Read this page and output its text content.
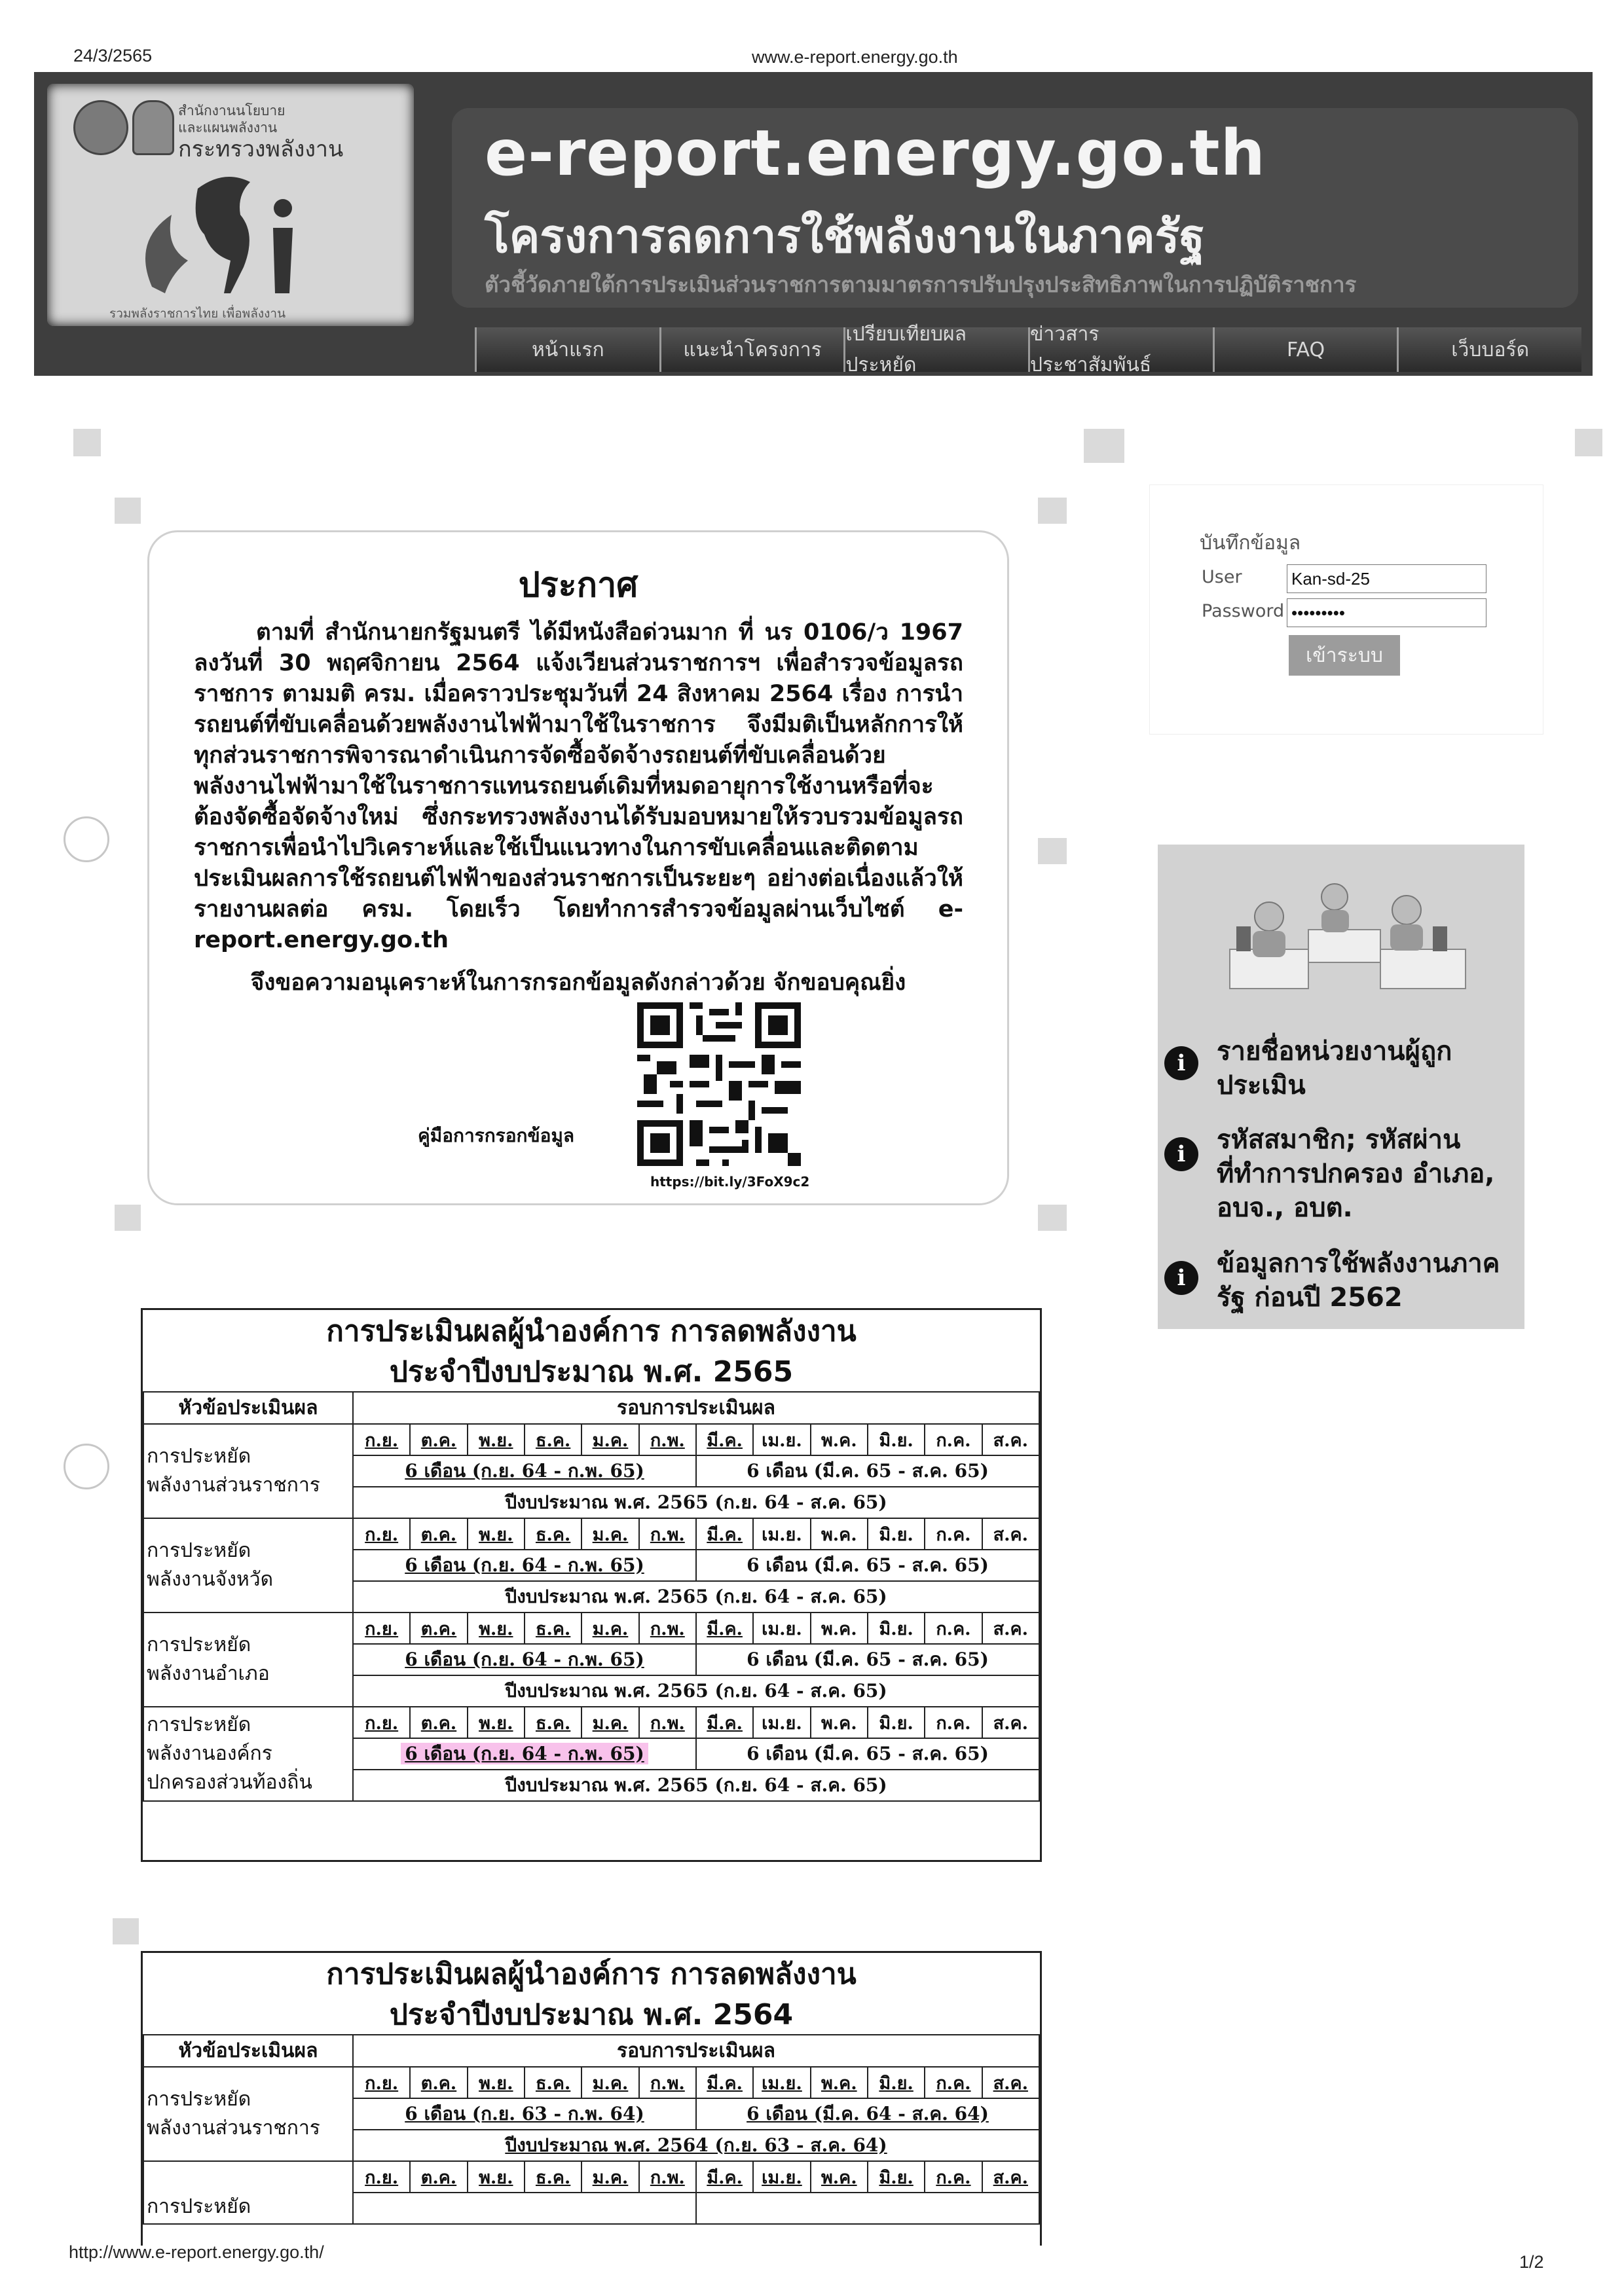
24/3/2565	www.e-report.energy.go.th
สำนักงานนโยบาย
และแผนพลังงาน
กระทรวงพลังงาน
รวมพลังราชการไทย เพื่อพลังงาน
e-report.energy.go.th
โครงการลดการใช้พลังงานในภาครัฐ
ตัวชี้วัดภายใต้การประเมินส่วนราชการตามมาตรการปรับปรุงประสิทธิภาพในการปฏิบัติราชการ
หน้าแรก	แนะนำโครงการ
เปรียบเทียบผลประหยัด
ข่าวสารประชาสัมพันธ์
FAQ	เว็บบอร์ด
ประกาศ
ตามที่ สำนักนายกรัฐมนตรี ได้มีหนังสือด่วนมาก ที่ นร 0106/ว 1967 ลงวันที่ 30 พฤศจิกายน 2564 แจ้งเวียนส่วนราชการฯ เพื่อสำรวจข้อมูลรถราชการ ตามมติ ครม. เมื่อคราวประชุมวันที่ 24 สิงหาคม 2564 เรื่อง การนำรถยนต์ที่ขับเคลื่อนด้วยพลังงานไฟฟ้ามาใช้ในราชการ จึงมีมติเป็นหลักการให้ทุกส่วนราชการพิจารณาดำเนินการจัดซื้อจัดจ้างรถยนต์ที่ขับเคลื่อนด้วยพลังงานไฟฟ้ามาใช้ในราชการแทนรถยนต์เดิมที่หมดอายุการใช้งานหรือที่จะต้องจัดซื้อจัดจ้างใหม่ ซึ่งกระทรวงพลังงานได้รับมอบหมายให้รวบรวมข้อมูลรถราชการเพื่อนำไปวิเคราะห์และใช้เป็นแนวทางในการขับเคลื่อนและติดตามประเมินผลการใช้รถยนต์ไฟฟ้าของส่วนราชการเป็นระยะๆ อย่างต่อเนื่องแล้วให้รายงานผลต่อ ครม. โดยเร็ว โดยทำการสำรวจข้อมูลผ่านเว็บไซต์ e-report.energy.go.th
จึงขอความอนุเคราะห์ในการกรอกข้อมูลดังกล่าวด้วย จักขอบคุณยิ่ง
คู่มือการกรอกข้อมูล
https://bit.ly/3FoX9c2
บันทึกข้อมูล
User	Kan-sd-25
Password •••••••••
เข้าระบบ
i	รายชื่อหน่วยงานผู้ถูกประเมิน
i	รหัสสมาชิก; รหัสผ่านที่ทำการปกครอง อำเภอ, อบจ., อบต.
i	ข้อมูลการใช้พลังงานภาครัฐ ก่อนปี 2562
การประเมินผลผู้นำองค์การ การลดพลังงาน
ประจำปีงบประมาณ พ.ศ. 2565
หัวข้อประเมินผล	รอบการประเมินผล											
การประหยัด
พลังงานส่วนราชการ	ก.ย.	ต.ค.	พ.ย.	ธ.ค.	ม.ค.	ก.พ.	มี.ค.	เม.ย.	พ.ค.	มิ.ย.	ก.ค.	ส.ค.
	6 เดือน (ก.ย. 64 - ก.พ. 65)						6 เดือน (มี.ค. 65 - ส.ค. 65)					
	ปีงบประมาณ พ.ศ. 2565 (ก.ย. 64 - ส.ค. 65)											
การประหยัด
พลังงานจังหวัด	ก.ย.	ต.ค.	พ.ย.	ธ.ค.	ม.ค.	ก.พ.	มี.ค.	เม.ย.	พ.ค.	มิ.ย.	ก.ค.	ส.ค.
	6 เดือน (ก.ย. 64 - ก.พ. 65)						6 เดือน (มี.ค. 65 - ส.ค. 65)					
	ปีงบประมาณ พ.ศ. 2565 (ก.ย. 64 - ส.ค. 65)											
การประหยัด
พลังงานอำเภอ	ก.ย.	ต.ค.	พ.ย.	ธ.ค.	ม.ค.	ก.พ.	มี.ค.	เม.ย.	พ.ค.	มิ.ย.	ก.ค.	ส.ค.
	6 เดือน (ก.ย. 64 - ก.พ. 65)						6 เดือน (มี.ค. 65 - ส.ค. 65)					
	ปีงบประมาณ พ.ศ. 2565 (ก.ย. 64 - ส.ค. 65)											
การประหยัด
พลังงานองค์กร
ปกครองส่วนท้องถิ่น	ก.ย.	ต.ค.	พ.ย.	ธ.ค.	ม.ค.	ก.พ.	มี.ค.	เม.ย.	พ.ค.	มิ.ย.	ก.ค.	ส.ค.
	6 เดือน (ก.ย. 64 - ก.พ. 65)						6 เดือน (มี.ค. 65 - ส.ค. 65)					
	ปีงบประมาณ พ.ศ. 2565 (ก.ย. 64 - ส.ค. 65)											
การประเมินผลผู้นำองค์การ การลดพลังงาน
ประจำปีงบประมาณ พ.ศ. 2564
หัวข้อประเมินผล	รอบการประเมินผล											
การประหยัด
พลังงานส่วนราชการ	ก.ย.	ต.ค.	พ.ย.	ธ.ค.	ม.ค.	ก.พ.	มี.ค.	เม.ย.	พ.ค.	มิ.ย.	ก.ค.	ส.ค.
	6 เดือน (ก.ย. 63 - ก.พ. 64)						6 เดือน (มี.ค. 64 - ส.ค. 64)					
	ปีงบประมาณ พ.ศ. 2564 (ก.ย. 63 - ส.ค. 64)											

การประหยัด	ก.ย.	ต.ค.	พ.ย.	ธ.ค.	ม.ค.	ก.พ.	มี.ค.	เม.ย.	พ.ค.	มิ.ย.	ก.ค.	ส.ค.

http://www.e-report.energy.go.th/	1/2
